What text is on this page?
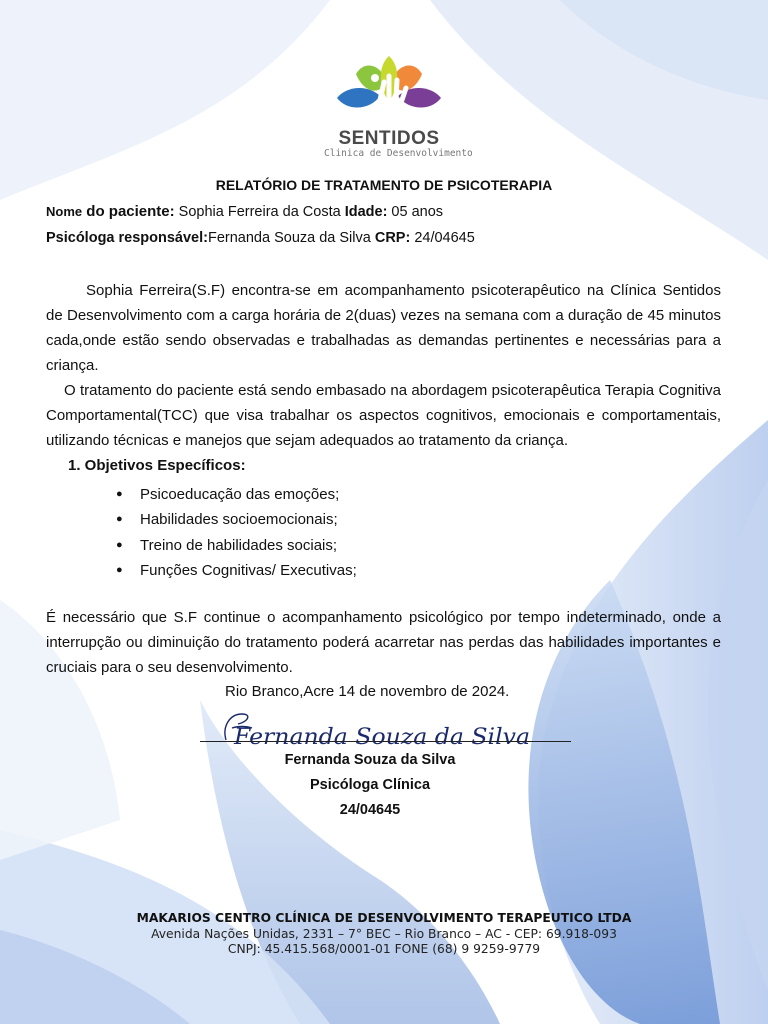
SENTIDOS
Clinica de Desenvolvimento
RELATÓRIO DE TRATAMENTO DE PSICOTERAPIA
Nome do paciente: Sophia Ferreira da Costa Idade: 05 anos
Psicóloga responsável:Fernanda Souza da Silva CRP: 24/04645
Sophia Ferreira(S.F) encontra-se em acompanhamento psicoterapêutico na Clínica Sentidos de Desenvolvimento com a carga horária de 2(duas) vezes na semana com a duração de 45 minutos cada,onde estão sendo observadas e trabalhadas as demandas pertinentes e necessárias para a criança.
O tratamento do paciente está sendo embasado na abordagem psicoterapêutica Terapia Cognitiva Comportamental(TCC) que visa trabalhar os aspectos cognitivos, emocionais e comportamentais, utilizando técnicas e manejos que sejam adequados ao tratamento da criança.
1. Objetivos Específicos:
● Psicoeducação das emoções;
● Habilidades socioemocionais;
● Treino de habilidades sociais;
● Funções Cognitivas/ Executivas;
É necessário que S.F continue o acompanhamento psicológico por tempo indeterminado, onde a interrupção ou diminuição do tratamento poderá acarretar nas perdas das habilidades importantes e cruciais para o seu desenvolvimento.
Rio Branco,Acre 14 de novembro de 2024.
Fernanda Souza da Silva
Fernanda Souza da Silva
Psicóloga Clínica
24/04645
MAKARIOS CENTRO CLÍNICA DE DESENVOLVIMENTO TERAPEUTICO LTDA
Avenida Nações Unidas, 2331 – 7° BEC – Rio Branco – AC - CEP: 69.918-093
CNPJ: 45.415.568/0001-01 FONE (68) 9 9259-9779
